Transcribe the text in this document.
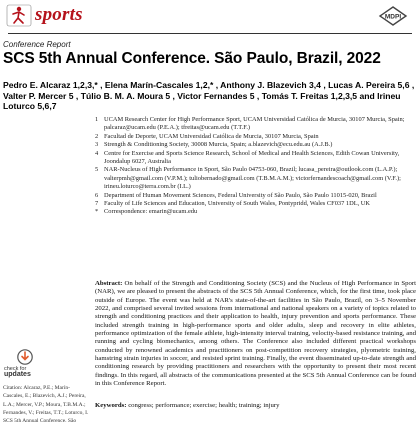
sports	MDPI
Conference Report
SCS 5th Annual Conference. São Paulo, Brazil, 2022
Pedro E. Alcaraz 1,2,3,* , Elena Marín-Cascales 1,2,* , Anthony J. Blazevich 3,4 , Lucas A. Pereira 5,6 ,
Valter P. Mercer 5 , Túlio B. M. A. Moura 5 , Victor Fernandes 5 , Tomás T. Freitas 1,2,3,5 and Irineu Loturco 5,6,7
1 UCAM Research Center for High Performance Sport, UCAM Universidad Católica de Murcia, 30107 Murcia, Spain; palcaraz@ucam.edu (P.E.A.); tfreitas@ucam.edu (T.T.F.)
2 Facultad de Deporte, UCAM Universidad Católica de Murcia, 30107 Murcia, Spain
3 Strength & Conditioning Society, 30008 Murcia, Spain; a.blazevich@ecu.edu.au (A.J.B.)
4 Centre for Exercise and Sports Science Research, School of Medical and Health Sciences, Edith Cowan University, Joondalup 6027, Australia
5 NAR-Nucleus of High Performance in Sport, São Paulo 04753-060, Brazil; lucasa_pereira@outlook.com (L.A.P.); valterpmh@gmail.com (V.P.M.); tuliobernado@gmail.com (T.B.M.A.M.); victorfernandescoach@gmail.com (V.F.); irineu.loturco@terra.com.br (I.L.)
6 Department of Human Movement Sciences, Federal University of São Paulo, São Paulo 11015-020, Brazil
7 Faculty of Life Sciences and Education, University of South Wales, Pontypridd, Wales CF037 1DL, UK
* Correspondence: emarin@ucam.edu
Abstract: On behalf of the Strength and Conditioning Society (SCS) and the Nucleus of High Performance in Sport (NAR), we are pleased to present the abstracts of the SCS 5th Annual Conference, which, for the first time, took place outside of Europe. The event was held at NAR's state-of-the-art facilities in São Paulo, Brazil, on 3–5 November 2022, and comprised several invited sessions from international and national speakers on a variety of topics related to strength and conditioning practices and their application to health, injury prevention and sports performance. These included strength training in high-performance sports and older adults, sleep and recovery in elite athletes, performance optimization of the female athlete, high-intensity interval training, velocity-based resistance training, and running and cycling biomechanics, among others. The Conference also included different practical workshops conducted by renowned academics and practitioners on post-competition recovery strategies, plyometric training, hamstring strain injuries in soccer, and resisted sprint training. Finally, the event disseminated up-to-date strength and conditioning research by providing practitioners and researchers with the opportunity to present their most recent findings. In this regard, all abstracts of the communications presented at the SCS 5th Annual Conference can be found in this Conference Report.
Keywords: congress; performance; exercise; health; training; injury
check for
updates
Citation: Alcaraz, P.E.; Marín-Cascales, E.; Blazevich, A.J.; Pereira, L.A.; Mercer, V.P.; Moura, T.B.M.A.; Fernandes, V.; Freitas, T.T.; Loturco, I. SCS 5th Annual Conference. São
